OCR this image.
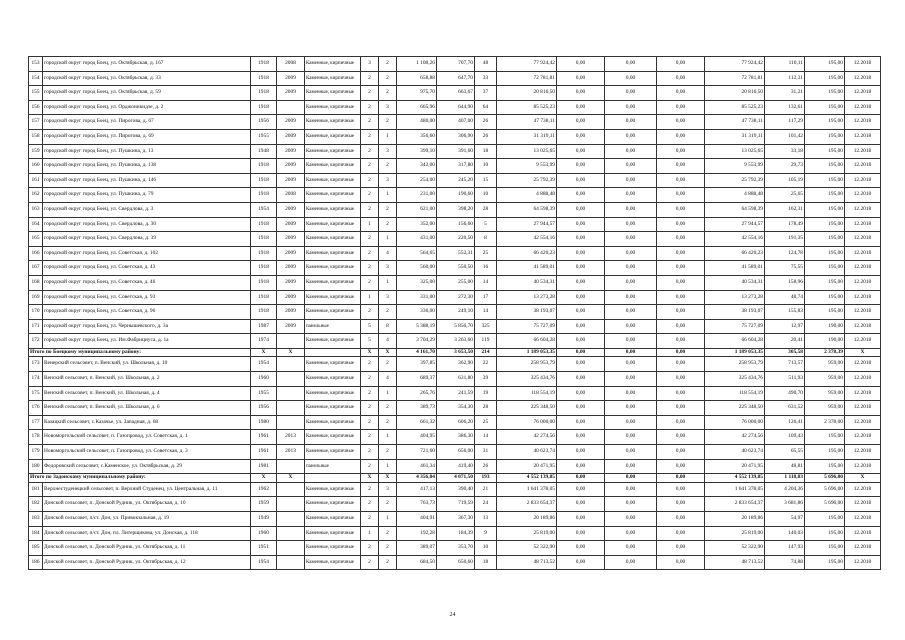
153	городской округ город Боец, ул. Октябрьская, д. 167	1918	2008	Каменные, кирпичные	3	2	1 108,26	707,70	48	77 924,42	0,00	0,00	0,00	77 924,42	110,11	195,00	12.2018
154	городской округ город Боец, ул. Октябрьская, д. 33	1918	2009	Каменные, кирпичные	2	2	658,88	647,70	33	72 781,81	0,00	0,00	0,00	72 781,81	112,31	195,00	12.2018
155	городской округ город Боец, ул. Октябрьская, д. 59	1918	2009	Каменные, кирпичные	2	2	975,70	663,67	37	20 816,50	0,00	0,00	0,00	20 816,50	31,21	195,00	12.2018
156	городской округ город Боец, ул. Орджоникидзе, д. 2	1918		Каменные, кирпичные	2	3	665,96	644,90	64	85 525,23	0,00	0,00	0,00	85 525,23	132,61	195,00	12.2018
157	городской округ город Боец, ул. Пирогова, д. 67	1956	2009	Каменные, кирпичные	2	2	480,00	407,00	26	47 738,11	0,00	0,00	0,00	47 738,11	117,29	195,00	12.2018
158	городской округ город Боец, ул. Пирогова, д. 69	1955	2009	Каменные, кирпичные	2	1	356,60	306,90	26	31 319,11	0,00	0,00	0,00	31 319,11	101,42	195,00	12.2018
159	городской округ город Боец, ул. Пушкина, д. 13	1948	2009	Каменные, кирпичные	2	3	399,10	391,60	18	13 025,65	0,00	0,00	0,00	13 025,65	33,18	195,00	12.2018
160	городской округ город Боец, ул. Пушкина, д. 138	1918	2009	Каменные, кирпичные	2	2	342,00	317,80	10	9 553,99	0,00	0,00	0,00	9 553,99	29,73	195,00	12.2018
161	городской округ город Боец, ул. Пушкина, д. 146	1918	2009	Каменные, кирпичные	2	3	254,00	245,20	15	25 792,39	0,00	0,00	0,00	25 792,39	105,19	195,00	12.2018
162	городской округ город Боец, ул. Пушкина, д. 79	1918	2008	Каменные, кирпичные	2	1	231,00	190,60	10	4 888,48	0,00	0,00	0,00	4 888,48	25,65	195,00	12.2018
163	городской округ город Боец, ул. Свердлова, д. 3	1954	2009	Каменные, кирпичные	2	2	621,00	398,20	28	64 598,39	0,00	0,00	0,00	64 598,39	162,31	195,00	12.2018
164	городской округ город Боец, ул. Свердлова, д. 30	1918	2009	Каменные, кирпичные	1	2	352,00	156,60	5	27 944,57	0,00	0,00	0,00	27 944,57	178,49	195,00	12.2018
165	городской округ город Боец, ул. Свердлова, д. 39	1918	2009	Каменные, кирпичные	2	1	431,00	220,50	8	42 554,16	0,00	0,00	0,00	42 554,16	191,35	195,00	12.2018
166	городской округ город Боец, ул. Советская, д. 102	1918	2009	Каменные, кирпичные	2	4	564,65	552,31	25	66 420,23	0,00	0,00	0,00	66 420,23	124,78	195,00	12.2018
167	городской округ город Боец, ул. Советская, д. 43	1918	2009	Каменные, кирпичные	2	3	560,00	550,50	16	41 589,01	0,00	0,00	0,00	41 589,01	75,55	195,00	12.2018
168	городской округ город Боец, ул. Советская, д. 46	1918	2009	Каменные, кирпичные	2	1	325,00	255,00	14	40 534,31	0,00	0,00	0,00	40 534,31	158,96	195,00	12.2018
169	городской округ город Боец, ул. Советская, д. 93	1918	2009	Каменные, кирпичные	1	3	331,00	272,30	17	13 273,28	0,00	0,00	0,00	13 273,28	48,74	195,00	12.2018
170	городской округ город Боец, ул. Советская, д. 96	1918	2009	Каменные, кирпичные	2	2	336,00	249,10	14	38 193,07	0,00	0,00	0,00	38 193,07	155,83	195,00	12.2018
171	городской округ город Боец, ул. Чернышевского, д. 3а	1987	2009	панельные	5	8	5 388,19	5 856,70	325	75 727,09	0,00	0,00	0,00	75 727,09	12,97	190,00	12.2018
172	городской округ город Боец, ул. Им.Фабрициуса, д. 1а	1974		Каменные, кирпичные	5	4	3 704,29	3 263,60	119	66 604,28	0,00	0,00	0,00	66 604,28	20,41	190,00	12.2018
Итого по Боецкому муниципальному району:		X	X		X	X	4 161,70	3 653,50	214	1 189 053,35	0,00	0,00	0,00	1 189 053,35	305,58	2 378,39	X
173	Венерский сельсовет, п. Венский, ул. Школьная, д. 10	1954		Каменные, кирпичные	2	2	397,85	362,90	22	258 953,79	0,00	0,00	0,00	258 953,79	713,57	959,00	12.2018
174	Венский сельсовет, п. Венский, ул. Школьная, д. 2	1960		Каменные, кирпичные	2	4	689,37	631,80	39	325 434,76	0,00	0,00	0,00	325 434,76	511,93	959,00	12.2018
175	Венский сельсовет, п. Венский, ул. Школьная, д. 4	1955		Каменные, кирпичные	2	1	265,76	241,59	19	118 554,19	0,00	0,00	0,00	118 554,19	490,70	959,00	12.2018
176	Венский сельсовет, п. Венский, ул. Школьная, д. 6	1956		Каменные, кирпичные	2	2	389,73	354,30	28	225 348,50	0,00	0,00	0,00	225 348,50	631,52	959,00	12.2018
177	Казацкий сельсовет, с.Казачье, ул. Западная, д. 68	1980		Каменные, кирпичные	2	2	661,32	606,20	25	76 000,00	0,00	0,00	0,00	76 000,00	126,41	2 378,00	12.2018
178	Новоморгольский сельсовет, п. Газопровод, ул. Советская, д. 1	1961	2013	Каменные, кирпичные	2	1	404,95	386,30	14	42 274,56	0,00	0,00	0,00	42 274,56	109,43	195,00	12.2018
179	Новоморгольский сельсовет, п. Газопровод, ул. Советская, д. 3	1961	2013	Каменные, кирпичные	2	2	721,60	656,00	31	40 623,74	0,00	0,00	0,00	40 623,74	65,55	195,00	12.2018
180	Федоровский сельсовет, с.Каменское, ул. Октябрьская, д. 29	1981		панельные	2	1	461,34	419,40	26	20 471,95	0,00	0,00	0,00	20 471,95	48,81	195,00	12.2018
Итого по Задонскому муниципальному району:		X	X		X	X	4 356,04	4 071,50	193	4 552 139,85	0,00	0,00	0,00	4 552 139,85	1 118,03	5 696,00	X
181	Верхнестуденецкий сельсовет, п. Верхний Студенец, ул. Центральная, д. 11	1962		Каменные, кирпичные	2	3	417,13	390,40	21	1 641 378,05	0,00	0,00	0,00	1 641 378,05	4 204,36	5 696,00	12.2018
182	Донской сельсовет, п. Донской Рудник, ул. Октябрьская, д. 10	1959		Каменные, кирпичные	2	2	763,73	719,59	24	2 833 654,37	0,00	0,00	0,00	2 833 654,37	3 681,86	5 696,00	12.2018
183	Донской сельсовет, п/ст. Дон, ул. Привокзальная, д. 19	1949		Каменные, кирпичные	2	1	404,91	367,30	13	20 189,86	0,00	0,00	0,00	20 189,86	54,97	195,00	12.2018
184	Донской сельсовет, п/ст. Дон, пл. Литерщикова, ул. Донская, д. 118	1960		Каменные, кирпичные	1	2	192,28	184,39	9	25 819,00	0,00	0,00	0,00	25 819,00	140,03	195,00	12.2018
185	Донской сельсовет, п. Донской Рудник, ул. Октябрьская, д. 11	1951		Каменные, кирпичные	2	2	389,07	353,70	10	52 322,90	0,00	0,00	0,00	52 322,90	147,93	195,00	12.2018
186	Донской сельсовет, п. Донской Рудник, ул. Октябрьская, д. 12	1954		Каменные, кирпичные	2	2	684,50	650,60	18	48 713,52	0,00	0,00	0,00	48 713,52	74,88	195,00	12.2018
24
